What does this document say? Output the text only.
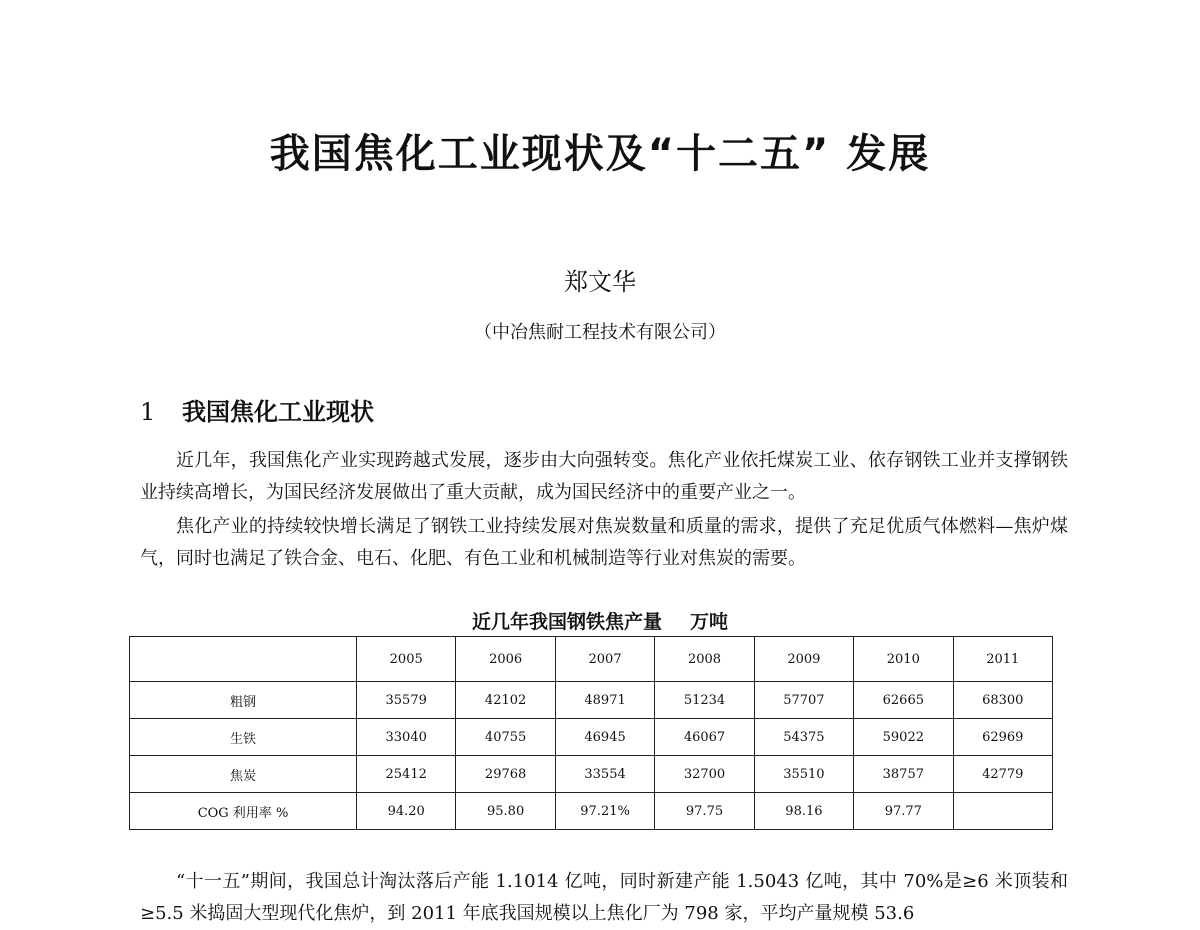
我国焦化工业现状及“十二五” 发展
郑文华
（中冶焦耐工程技术有限公司）
1 我国焦化工业现状
近几年，我国焦化产业实现跨越式发展，逐步由大向强转变。焦化产业依托煤炭工业、依存钢铁工业并支撑钢铁业持续高增长，为国民经济发展做出了重大贡献，成为国民经济中的重要产业之一。
焦化产业的持续较快增长满足了钢铁工业持续发展对焦炭数量和质量的需求，提供了充足优质气体燃料—焦炉煤气，同时也满足了铁合金、电石、化肥、有色工业和机械制造等行业对焦炭的需要。
近几年我国钢铁焦产量 万吨
	2005	2006	2007	2008	2009	2010	2011
粗钢	35579	42102	48971	51234	57707	62665	68300
生铁	33040	40755	46945	46067	54375	59022	62969
焦炭	25412	29768	33554	32700	35510	38757	42779
COG 利用率 %	94.20	95.80	97.21%	97.75	98.16	97.77	
“十一五”期间，我国总计淘汰落后产能 1.1014 亿吨，同时新建产能 1.5043 亿吨，其中 70%是≥6 米顶装和≥5.5 米捣固大型现代化焦炉，到 2011 年底我国规模以上焦化厂为 798 家，平均产量规模 53.6
